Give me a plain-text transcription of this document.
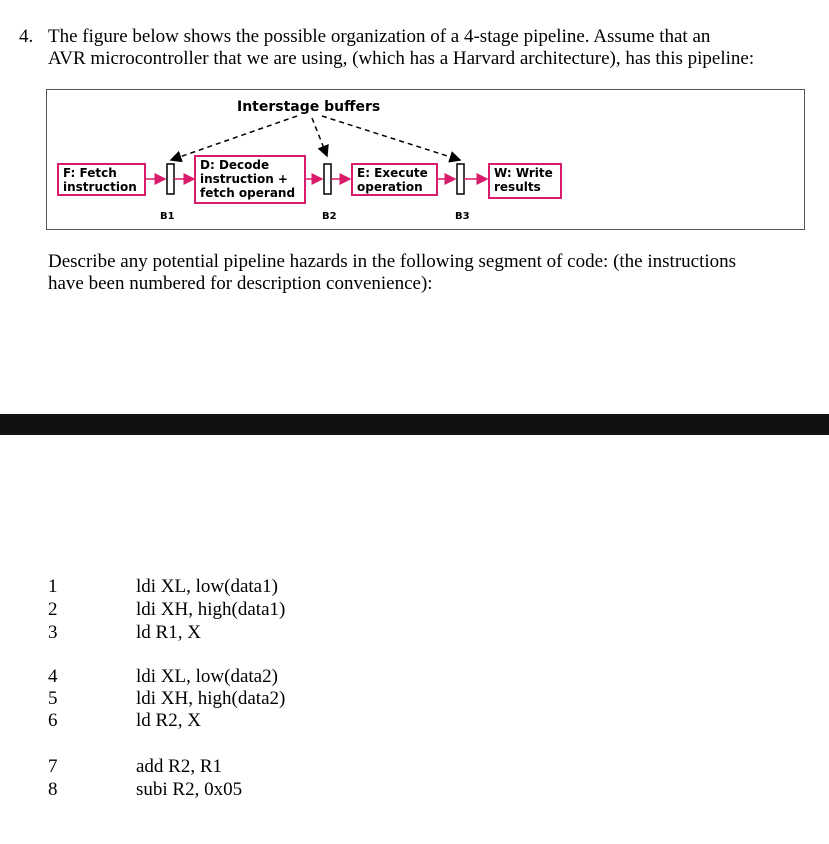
4. The figure below shows the possible organization of a 4-stage pipeline. Assume that an
AVR microcontroller that we are using, (which has a Harvard architecture), has this pipeline:
Interstage buffers
F: Fetch
instruction
D: Decode
instruction +
fetch operand
E: Execute
operation
W: Write
results
B1	B2	B3
Describe any potential pipeline hazards in the following segment of code: (the instructions
have been numbered for description convenience):
1	ldi XL, low(data1)
2	ldi XH, high(data1)
3	ld R1, X
4	ldi XL, low(data2)
5	ldi XH, high(data2)
6	ld R2, X
7	add R2, R1
8	subi R2, 0x05
